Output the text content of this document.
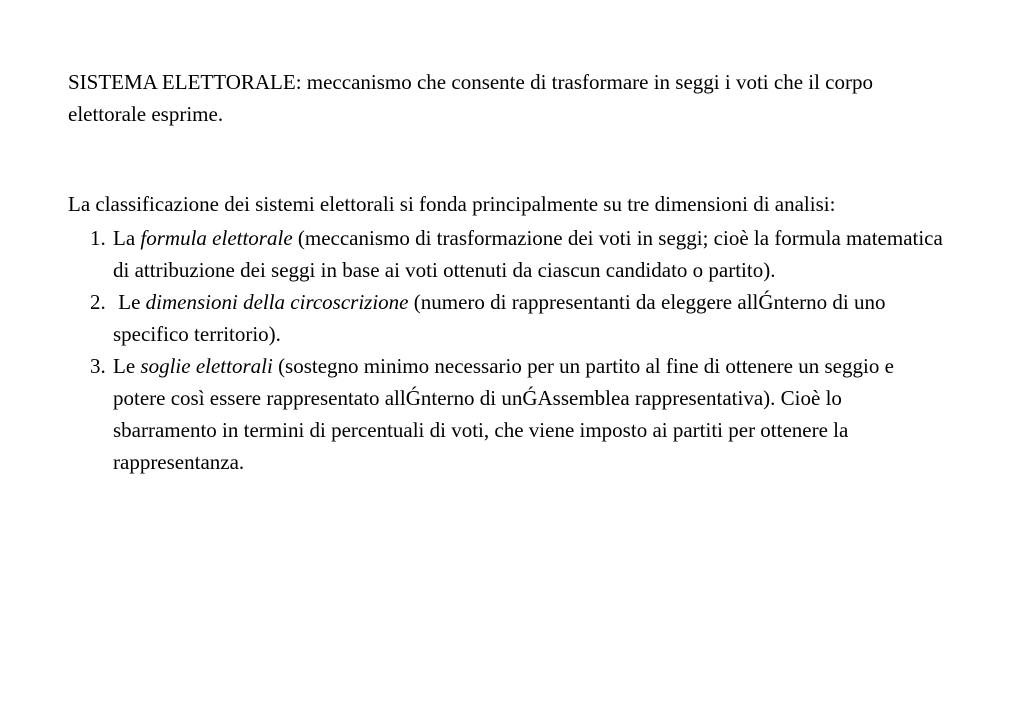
SISTEMA ELETTORALE: meccanismo che consente di trasformare in seggi i voti che il corpo elettorale esprime.

La classificazione dei sistemi elettorali si fonda principalmente su tre dimensioni di analisi:

1. La formula elettorale (meccanismo di trasformazione dei voti in seggi; cioè la formula matematica di attribuzione dei seggi in base ai voti ottenuti da ciascun candidato o partito).
2. Le dimensioni della circoscrizione (numero di rappresentanti da eleggere allǴnterno di uno specifico territorio).
3. Le soglie elettorali (sostegno minimo necessario per un partito al fine di ottenere un seggio e potere così essere rappresentato allǴnterno di unǴAssemblea rappresentativa). Cioè lo sbarramento in termini di percentuali di voti, che viene imposto ai partiti per ottenere la rappresentanza.
